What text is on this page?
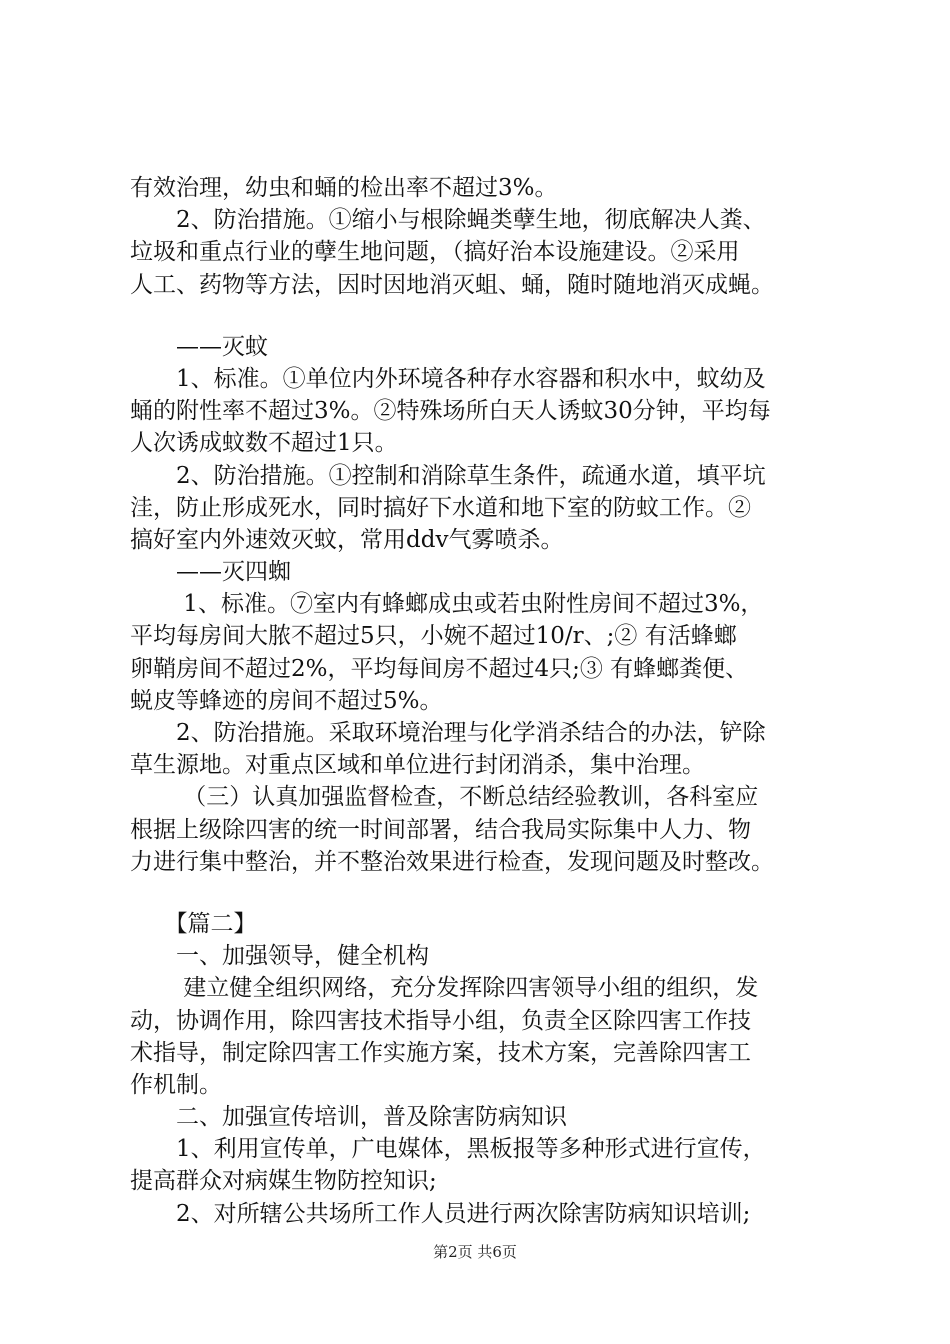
有效治理，幼虫和蛹的检出率不超过3%。
　　2、防治措施。①缩小与根除蝇类孽生地，彻底解决人粪、
垃圾和重点行业的孽生地问题，（搞好治本设施建设。②采用
人工、药物等方法，因时因地消灭蛆、蛹，随时随地消灭成蝇。
　　——灭蚊
　　1、标准。①单位内外环境各种存水容器和积水中，蚊幼及
蛹的附性率不超过3%。②特殊场所白天人诱蚊30分钟，平均每
人次诱成蚊数不超过1只。
　　2、防治措施。①控制和消除草生条件，疏通水道，填平坑
洼，防止形成死水，同时搞好下水道和地下室的防蚊工作。②
搞好室内外速效灭蚊，常用ddv气雾喷杀。
　　——灭四蜘
　　 1、标准。⑦室内有蜂螂成虫或若虫附性房间不超过3%，
平均每房间大脓不超过5只，小婉不超过10/r、;② 有活蜂螂
卵鞘房间不超过2%，平均每间房不超过4只;③ 有蜂螂粪便、
蜕皮等蜂迹的房间不超过5%。
　　2、防治措施。采取环境治理与化学消杀结合的办法，铲除
草生源地。对重点区域和单位进行封闭消杀，集中治理。
　　 （三）认真加强监督检查，不断总结经验教训，各科室应
根据上级除四害的统一时间部署，结合我局实际集中人力、物
力进行集中整治，并不整治效果进行检查，发现问题及时整改。
　　【篇二】
　　一、加强领导，健全机构
　　 建立健全组织网络，充分发挥除四害领导小组的组织，发
动，协调作用，除四害技术指导小组，负责全区除四害工作技
术指导，制定除四害工作实施方案，技术方案，完善除四害工
作机制。
　　二、加强宣传培训，普及除害防病知识
　　1、利用宣传单，广电媒体，黑板报等多种形式进行宣传，
提高群众对病媒生物防控知识;
　　2、对所辖公共场所工作人员进行两次除害防病知识培训;
第2页 共6页
